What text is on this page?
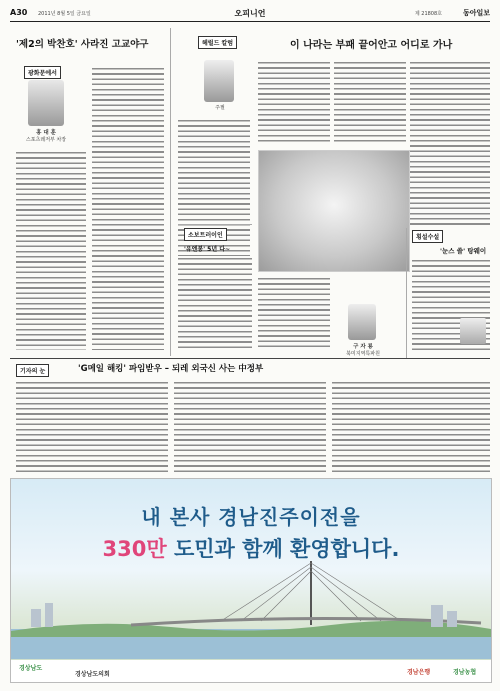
A30 2011년 8월 5일 금요일	오피니언	제 21808호	동아일보
'제2의 박찬호' 사라진 고교야구
광화문에서
홍 대 훈
스포츠레저부 차장
헤럴드 칼럼
주필
이 나라는 부패 끝어안고 어디로 가나
소보트러이인
'유엔봉' 5년 다~
구 자 룡
북미지역특파원
횡설수설
'눈스 쓸' 탕웨이
기자의 눈	'G메일 해킹' 파임받우 – 되레 외국신 사는 中정부
내 본사 경남진주이전을
330만 도민과 함께 환영합니다.
경상남도
경상남도의회	경남은행	경남농협
